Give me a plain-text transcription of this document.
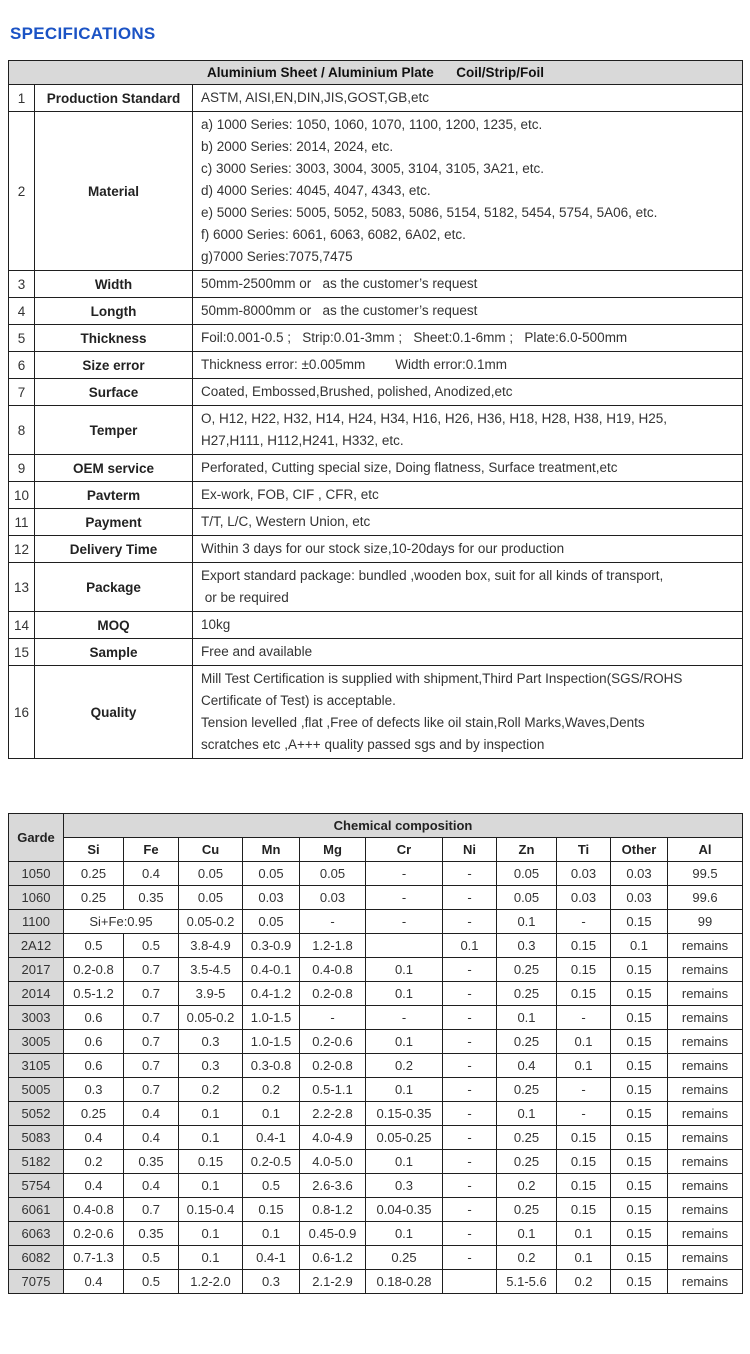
SPECIFICATIONS
Aluminium Sheet / Aluminium Plate      Coil/Strip/Foil		
1	Production Standard	ASTM, AISI,EN,DIN,JIS,GOST,GB,etc

2	Material	
a) 1000 Series: 1050, 1060, 1070, 1100, 1200, 1235, etc.
b) 2000 Series: 2014, 2024, etc.
c) 3000 Series: 3003, 3004, 3005, 3104, 3105, 3A21, etc.
d) 4000 Series: 4045, 4047, 4343, etc.
e) 5000 Series: 5005, 5052, 5083, 5086, 5154, 5182, 5454, 5754, 5A06, etc.
f) 6000 Series: 6061, 6063, 6082, 6A02, etc.
g)7000 Series:7075,7475

3	Width	50mm-2500mm or   as the customer’s request

4	Longth	50mm-8000mm or   as the customer’s request

5	Thickness	Foil:0.001-0.5 ;   Strip:0.01-3mm ;   Sheet:0.1-6mm ;   Plate:6.0-500mm

6	Size error	Thickness error: ±0.005mm        Width error:0.1mm

7	Surface	Coated, Embossed,Brushed, polished, Anodized,etc

8	Temper	O, H12, H22, H32, H14, H24, H34, H16, H26, H36, H18, H28, H38, H19, H25,
H27,H111, H112,H241, H332, etc.

9	OEM service	Perforated, Cutting special size, Doing flatness, Surface treatment,etc

10	Pavterm	Ex-work, FOB, CIF , CFR, etc

11	Payment	T/T, L/C, Western Union, etc

12	Delivery Time	Within 3 days for our stock size,10-20days for our production

13	Package	Export standard package: bundled ,wooden box, suit for all kinds of transport,
or be required

14	MOQ	10kg

15	Sample	Free and available

16	Quality	Mill Test Certification is supplied with shipment,Third Part Inspection(SGS/ROHS
Certificate of Test) is acceptable.
Tension levelled ,flat ,Free of defects like oil stain,Roll Marks,Waves,Dents
scratches etc ,A+++ quality passed sgs and by inspection
Garde	Chemical composition										
	Si	Fe	Cu	Mn	Mg	Cr	Ni	Zn	Ti	Other	Al
1050	0.25	0.4	0.05	0.05	0.05	-	-	0.05	0.03	0.03	99.5
1060	0.25	0.35	0.05	0.03	0.03	-	-	0.05	0.03	0.03	99.6
1100	Si+Fe:0.95		0.05-0.2	0.05	-	-	-	0.1	-	0.15	99
2A12	0.5	0.5	3.8-4.9	0.3-0.9	1.2-1.8		0.1	0.3	0.15	0.1	remains
2017	0.2-0.8	0.7	3.5-4.5	0.4-0.1	0.4-0.8	0.1	-	0.25	0.15	0.15	remains
2014	0.5-1.2	0.7	3.9-5	0.4-1.2	0.2-0.8	0.1	-	0.25	0.15	0.15	remains
3003	0.6	0.7	0.05-0.2	1.0-1.5	-	-	-	0.1	-	0.15	remains
3005	0.6	0.7	0.3	1.0-1.5	0.2-0.6	0.1	-	0.25	0.1	0.15	remains
3105	0.6	0.7	0.3	0.3-0.8	0.2-0.8	0.2	-	0.4	0.1	0.15	remains
5005	0.3	0.7	0.2	0.2	0.5-1.1	0.1	-	0.25	-	0.15	remains
5052	0.25	0.4	0.1	0.1	2.2-2.8	0.15-0.35	-	0.1	-	0.15	remains
5083	0.4	0.4	0.1	0.4-1	4.0-4.9	0.05-0.25	-	0.25	0.15	0.15	remains
5182	0.2	0.35	0.15	0.2-0.5	4.0-5.0	0.1	-	0.25	0.15	0.15	remains
5754	0.4	0.4	0.1	0.5	2.6-3.6	0.3	-	0.2	0.15	0.15	remains
6061	0.4-0.8	0.7	0.15-0.4	0.15	0.8-1.2	0.04-0.35	-	0.25	0.15	0.15	remains
6063	0.2-0.6	0.35	0.1	0.1	0.45-0.9	0.1	-	0.1	0.1	0.15	remains
6082	0.7-1.3	0.5	0.1	0.4-1	0.6-1.2	0.25	-	0.2	0.1	0.15	remains
7075	0.4	0.5	1.2-2.0	0.3	2.1-2.9	0.18-0.28		5.1-5.6	0.2	0.15	remains
